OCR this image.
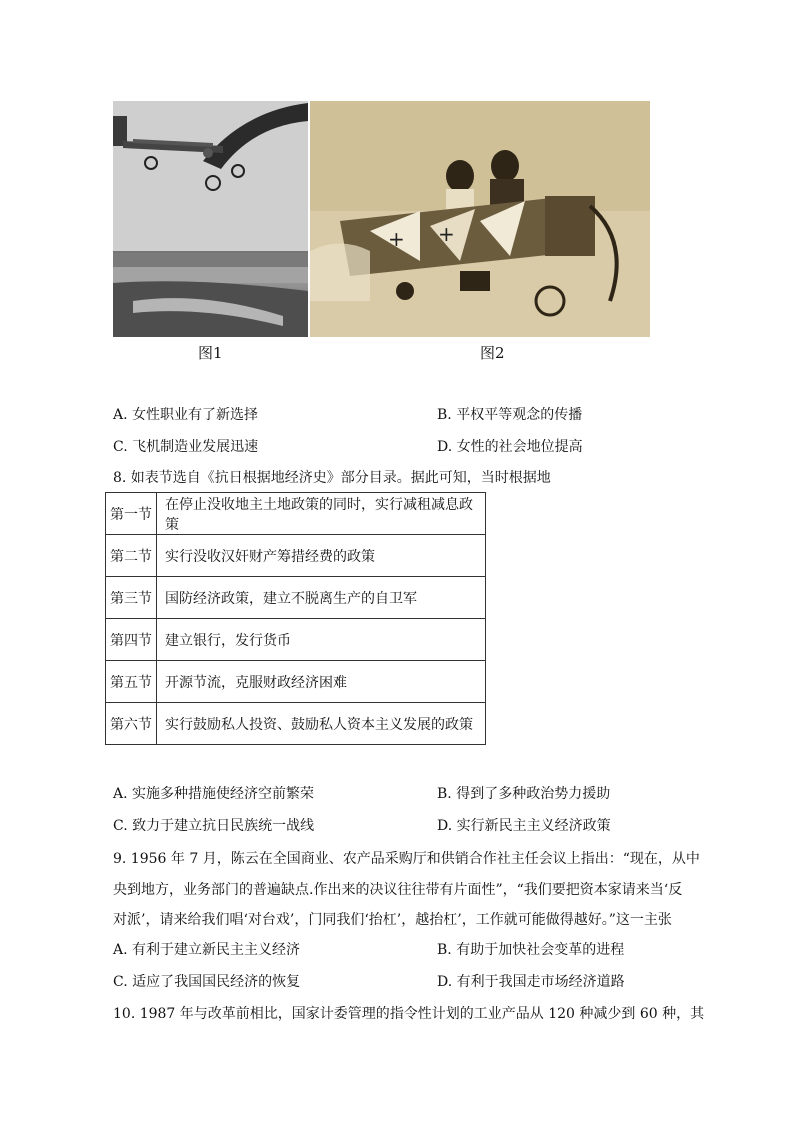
图1
+ +
图2
A. 女性职业有了新选择	B. 平权平等观念的传播
C. 飞机制造业发展迅速	D. 女性的社会地位提高
8. 如表节选自《抗日根据地经济史》部分目录。据此可知，当时根据地
第一节	在停止没收地主土地政策的同时，实行减租减息政策
第二节	实行没收汉奸财产筹措经费的政策
第三节	国防经济政策，建立不脱离生产的自卫军
第四节	建立银行，发行货币
第五节	开源节流，克服财政经济困难
第六节	实行鼓励私人投资、鼓励私人资本主义发展的政策
A. 实施多种措施使经济空前繁荣	B. 得到了多种政治势力援助
C. 致力于建立抗日民族统一战线	D. 实行新民主主义经济政策
9. 1956 年 7 月，陈云在全国商业、农产品采购厅和供销合作社主任会议上指出：“现在，从中
央到地方，业务部门的普遍缺点.作出来的决议往往带有片面性”，“我们要把资本家请来当‘反
对派’，请来给我们唱‘对台戏’，门同我们‘抬杠’，越抬杠’，工作就可能做得越好。”这一主张
A. 有利于建立新民主主义经济	B. 有助于加快社会变革的进程
C. 适应了我国国民经济的恢复	D. 有利于我国走市场经济道路
10. 1987 年与改革前相比，国家计委管理的指令性计划的工业产品从 120 种减少到 60 种，其
